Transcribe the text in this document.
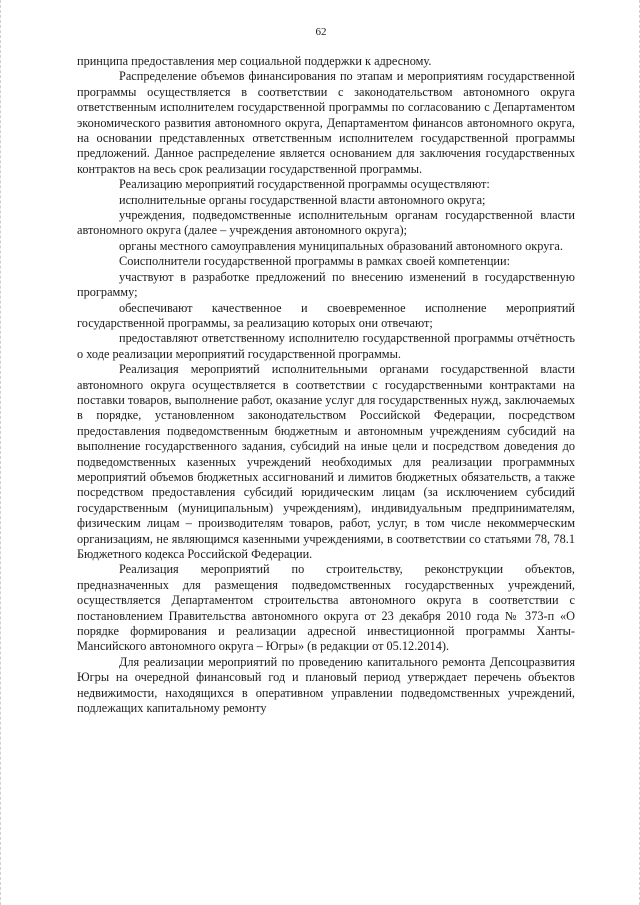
62

принципа предоставления мер социальной поддержки к адресному.

Распределение объемов финансирования по этапам и мероприятиям государственной программы осуществляется в соответствии с законодательством автономного округа ответственным исполнителем государственной программы по согласованию с Департаментом экономического развития автономного округа, Департаментом финансов автономного округа, на основании представленных ответственным исполнителем государственной программы предложений. Данное распределение является основанием для заключения государственных контрактов на весь срок реализации государственной программы.

Реализацию мероприятий государственной программы осуществляют:

исполнительные органы государственной власти автономного округа;

учреждения, подведомственные исполнительным органам государственной власти автономного округа (далее – учреждения автономного округа);

органы местного самоуправления муниципальных образований автономного округа.

Соисполнители государственной программы в рамках своей компетенции:

участвуют в разработке предложений по внесению изменений в государственную программу;

обеспечивают качественное и своевременное исполнение мероприятий государственной программы, за реализацию которых они отвечают;

предоставляют ответственному исполнителю государственной программы отчётность о ходе реализации мероприятий государственной программы.

Реализация мероприятий исполнительными органами государственной власти автономного округа осуществляется в соответствии с государственными контрактами на поставки товаров, выполнение работ, оказание услуг для государственных нужд, заключаемых в порядке, установленном законодательством Российской Федерации, посредством предоставления подведомственным бюджетным и автономным учреждениям субсидий на выполнение государственного задания, субсидий на иные цели и посредством доведения до подведомственных казенных учреждений необходимых для реализации программных мероприятий объемов бюджетных ассигнований и лимитов бюджетных обязательств, а также посредством предоставления субсидий юридическим лицам (за исключением субсидий государственным (муниципальным) учреждениям), индивидуальным предпринимателям, физическим лицам – производителям товаров, работ, услуг, в том числе некоммерческим организациям, не являющимся казенными учреждениями, в соответствии со статьями 78, 78.1 Бюджетного кодекса Российской Федерации.

Реализация мероприятий по строительству, реконструкции объектов, предназначенных для размещения подведомственных государственных учреждений, осуществляется Департаментом строительства автономного округа в соответствии с постановлением Правительства автономного округа от 23 декабря 2010 года № 373-п «О порядке формирования и реализации адресной инвестиционной программы Ханты-Мансийского автономного округа – Югры» (в редакции от 05.12.2014).

Для реализации мероприятий по проведению капитального ремонта Депсоцразвития Югры на очередной финансовый год и плановый период утверждает перечень объектов недвижимости, находящихся в оперативном управлении подведомственных учреждений, подлежащих капитальному ремонту
